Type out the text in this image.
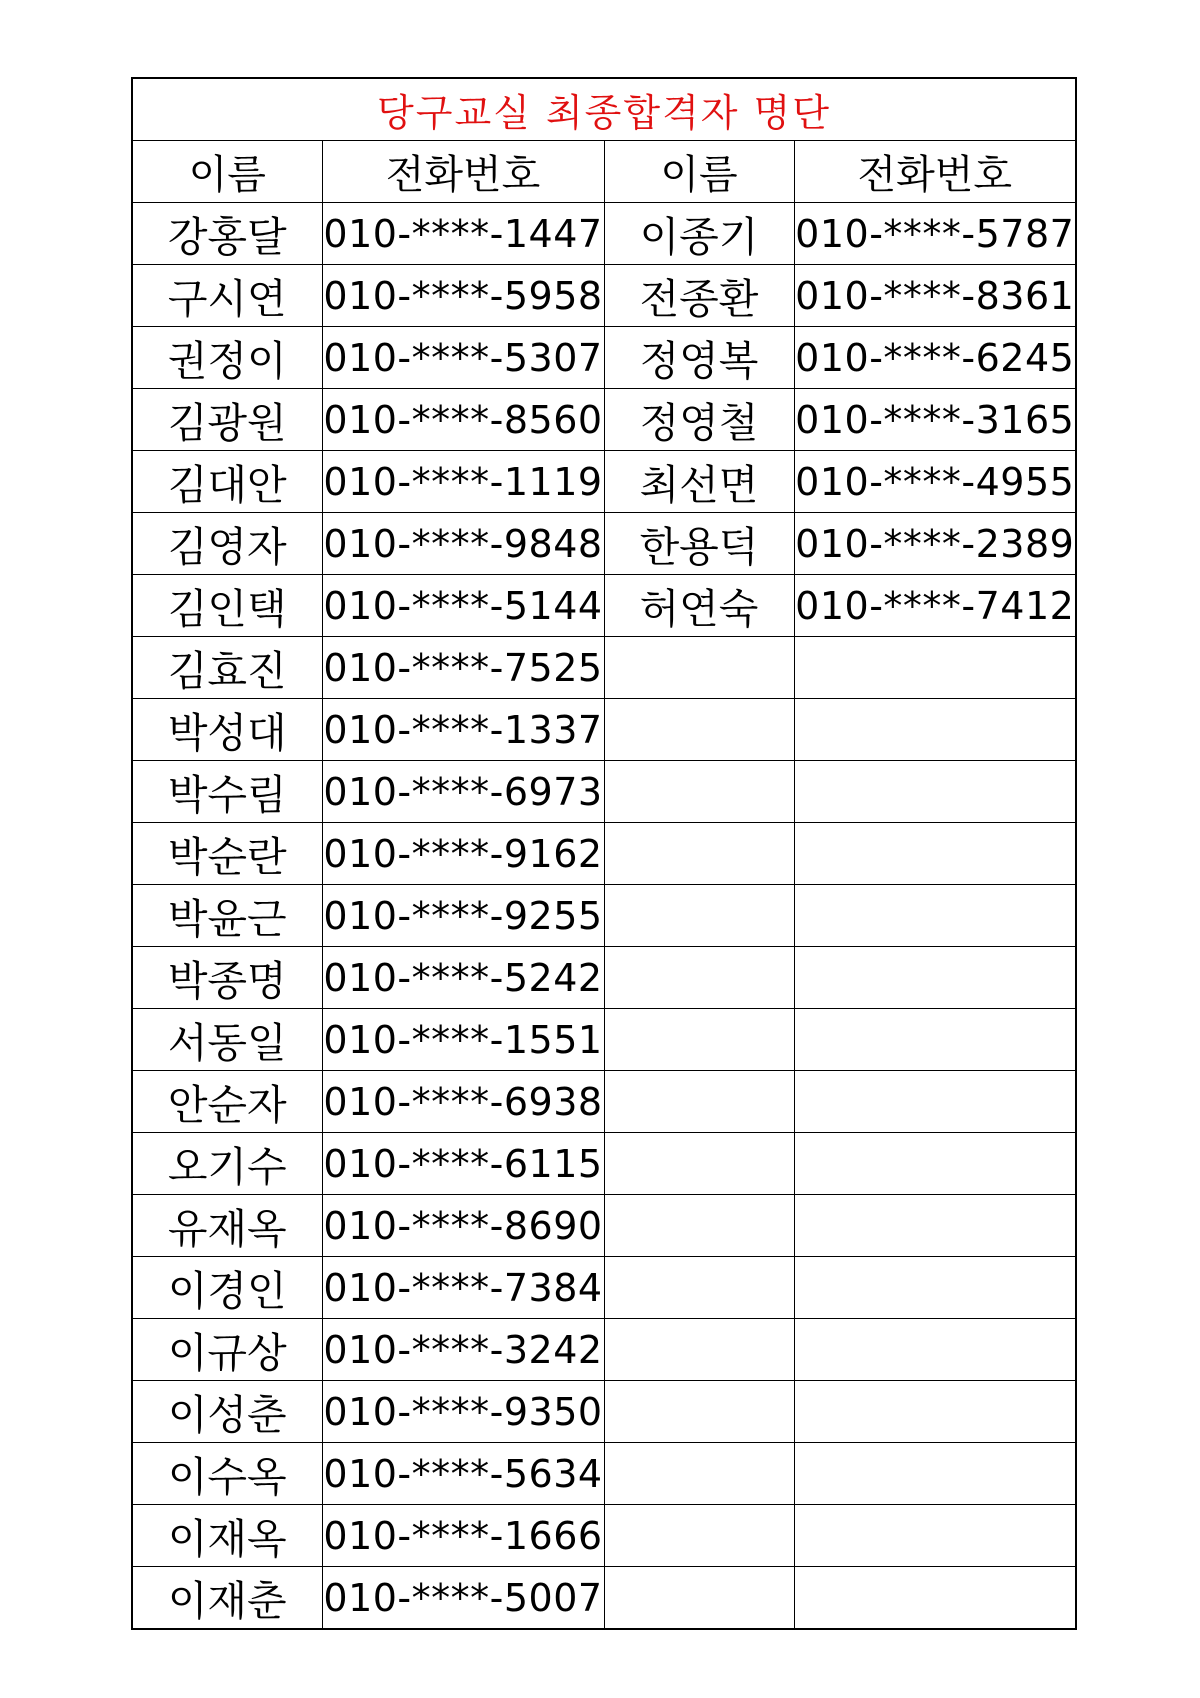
당구교실 최종합격자 명단			
이름	전화번호	이름	전화번호
강홍달	010-****-1447	이종기	010-****-5787
구시연	010-****-5958	전종환	010-****-8361
권정이	010-****-5307	정영복	010-****-6245
김광원	010-****-8560	정영철	010-****-3165
김대안	010-****-1119	최선면	010-****-4955
김영자	010-****-9848	한용덕	010-****-2389
김인택	010-****-5144	허연숙	010-****-7412
김효진	010-****-7525		
박성대	010-****-1337		
박수림	010-****-6973		
박순란	010-****-9162		
박윤근	010-****-9255		
박종명	010-****-5242		
서동일	010-****-1551		
안순자	010-****-6938		
오기수	010-****-6115		
유재옥	010-****-8690		
이경인	010-****-7384		
이규상	010-****-3242		
이성춘	010-****-9350		
이수옥	010-****-5634		
이재옥	010-****-1666		
이재춘	010-****-5007		
